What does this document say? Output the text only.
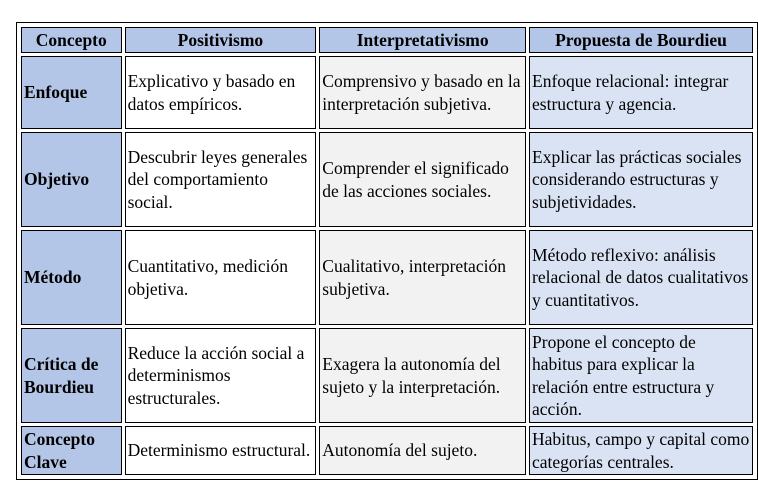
Concepto	Positivismo	Interpretativismo	Propuesta de Bourdieu
Enfoque	Explicativo y basado en datos empíricos.	Comprensivo y basado en la interpretación subjetiva.	Enfoque relacional: integrar estructura y agencia.
Objetivo	Descubrir leyes generales del comportamiento social.	Comprender el significado de las acciones sociales.	Explicar las prácticas sociales considerando estructuras y subjetividades.
Método	Cuantitativo, medición objetiva.	Cualitativo, interpretación subjetiva.	Método reflexivo: análisis relacional de datos cualitativos y cuantitativos.
Crítica de Bourdieu	Reduce la acción social a determinismos estructurales.	Exagera la autonomía del sujeto y la interpretación.	Propone el concepto de habitus para explicar la relación entre estructura y acción.
Concepto Clave	Determinismo estructural.	Autonomía del sujeto.	Habitus, campo y capital como categorías centrales.
